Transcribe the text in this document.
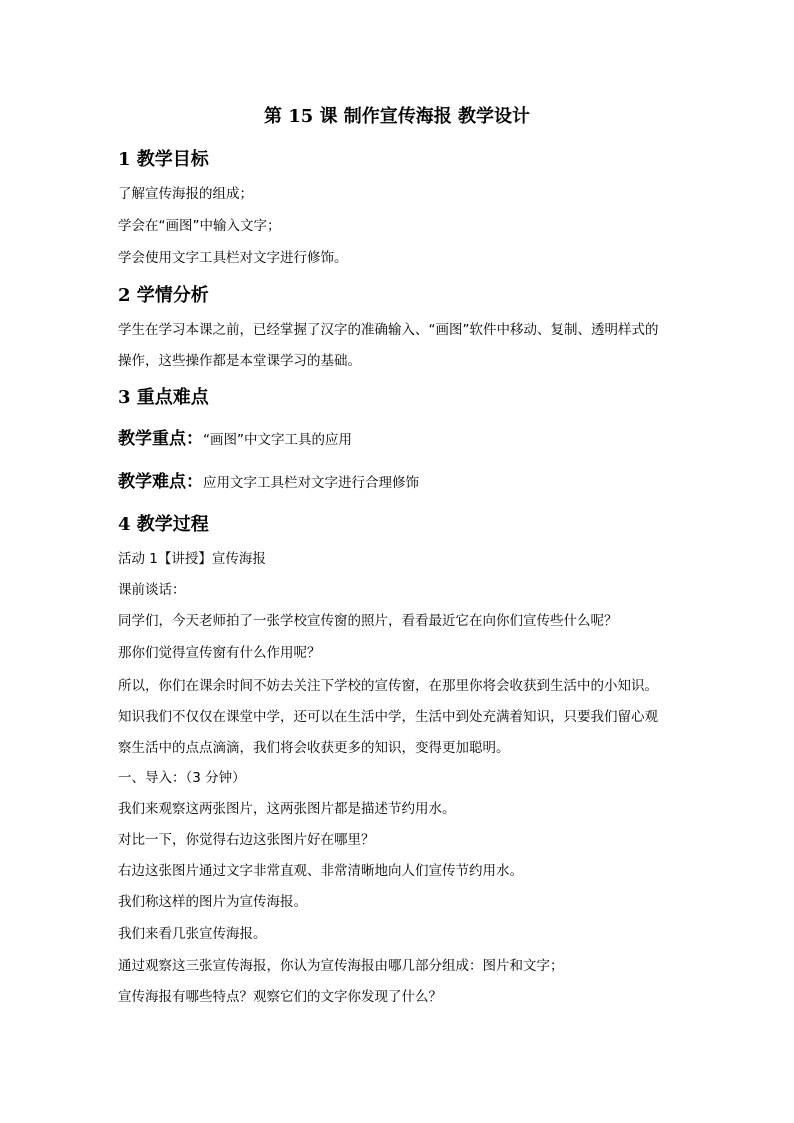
第 15 课 制作宣传海报 教学设计
1 教学目标
了解宣传海报的组成；
学会在“画图”中输入文字；
学会使用文字工具栏对文字进行修饰。
2 学情分析
学生在学习本课之前，已经掌握了汉字的准确输入、“画图”软件中移动、复制、透明样式的
操作，这些操作都是本堂课学习的基础。
3 重点难点
教学重点：“画图”中文字工具的应用
教学难点：应用文字工具栏对文字进行合理修饰
4 教学过程
活动 1【讲授】宣传海报
课前谈话：
同学们，今天老师拍了一张学校宣传窗的照片，看看最近它在向你们宣传些什么呢？
那你们觉得宣传窗有什么作用呢？
所以，你们在课余时间不妨去关注下学校的宣传窗，在那里你将会收获到生活中的小知识。
知识我们不仅仅在课堂中学，还可以在生活中学，生活中到处充满着知识，只要我们留心观
察生活中的点点滴滴，我们将会收获更多的知识，变得更加聪明。
一、导入：（3 分钟）
我们来观察这两张图片，这两张图片都是描述节约用水。
对比一下，你觉得右边这张图片好在哪里？
右边这张图片通过文字非常直观、非常清晰地向人们宣传节约用水。
我们称这样的图片为宣传海报。
我们来看几张宣传海报。
通过观察这三张宣传海报，你认为宣传海报由哪几部分组成：图片和文字；
宣传海报有哪些特点？观察它们的文字你发现了什么？
